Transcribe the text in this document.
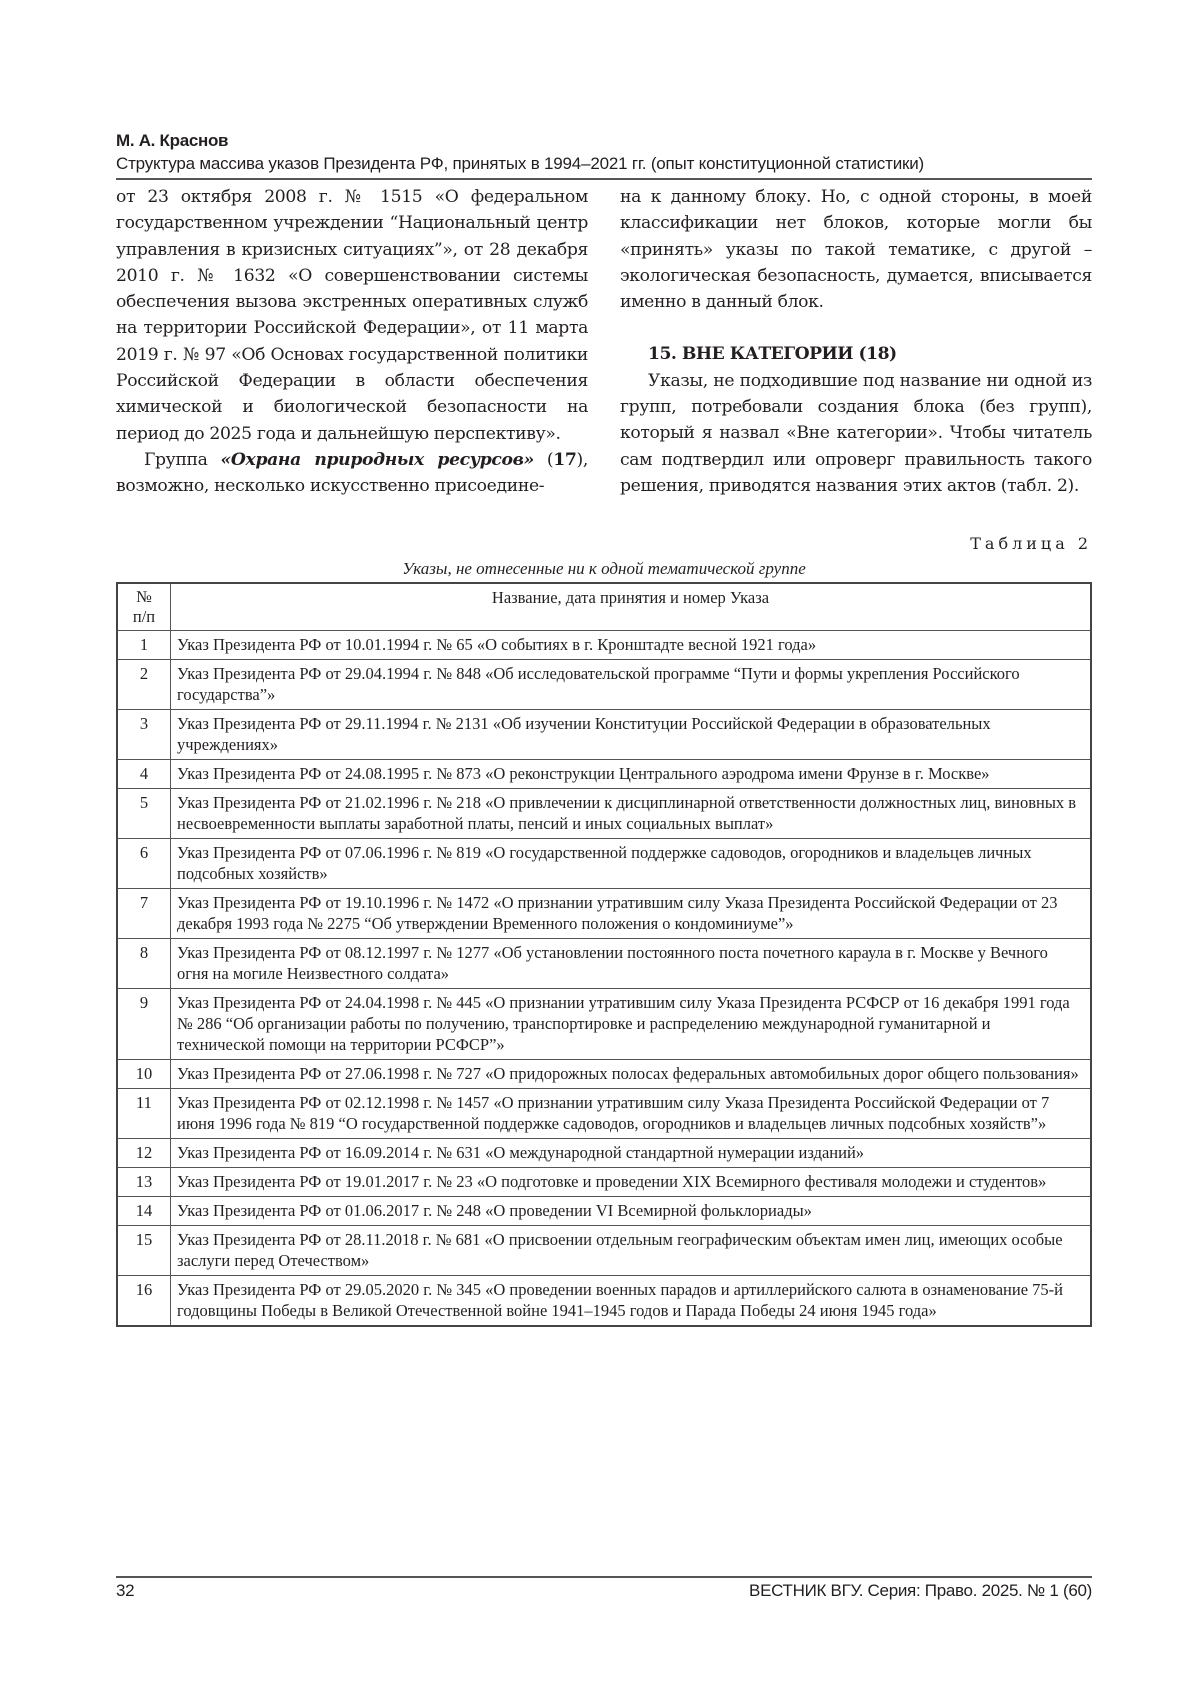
М. А. Краснов
Структура массива указов Президента РФ, принятых в 1994–2021 гг. (опыт конституционной статистики)

от 23 октября 2008 г. № 1515 «О федеральном государственном учреждении “Национальный центр управления в кризисных ситуациях”», от 28 декабря 2010 г. № 1632 «О совершенствовании системы обеспечения вызова экстренных оперативных служб на территории Российской Федерации», от 11 марта 2019 г. № 97 «Об Основах государственной политики Российской Федерации в области обеспечения химической и биологической безопасности на период до 2025 года и дальнейшую перспективу».

Группа «Охрана природных ресурсов» (17), возможно, несколько искусственно присоедине-

на к данному блоку. Но, с одной стороны, в моей классификации нет блоков, которые могли бы «принять» указы по такой тематике, с другой – экологическая безопасность, думается, вписывается именно в данный блок.

15. ВНЕ КАТЕГОРИИ (18)

Указы, не подходившие под название ни одной из групп, потребовали создания блока (без групп), который я назвал «Вне категории». Чтобы читатель сам подтвердил или опроверг правильность такого решения, приводятся названия этих актов (табл. 2).

Таблица 2
Указы, не отнесенные ни к одной тематической группе
№
п/п	Название, дата принятия и номер Указа
1	Указ Президента РФ от 10.01.1994 г. № 65 «О событиях в г. Кронштадте весной 1921 года»
2	Указ Президента РФ от 29.04.1994 г. № 848 «Об исследовательской программе “Пути и формы укрепления Российского государства”»
3	Указ Президента РФ от 29.11.1994 г. № 2131 «Об изучении Конституции Российской Федерации в образовательных учреждениях»
4	Указ Президента РФ от 24.08.1995 г. № 873 «О реконструкции Центрального аэродрома имени Фрунзе в г. Москве»
5	Указ Президента РФ от 21.02.1996 г. № 218 «О привлечении к дисциплинарной ответственности должностных лиц, виновных в несвоевременности выплаты заработной платы, пенсий и иных социальных выплат»
6	Указ Президента РФ от 07.06.1996 г. № 819 «О государственной поддержке садоводов, огородников и владельцев личных подсобных хозяйств»
7	Указ Президента РФ от 19.10.1996 г. № 1472 «О признании утратившим силу Указа Президента Российской Федерации от 23 декабря 1993 года № 2275 “Об утверждении Временного положения о кондоминиуме”»
8	Указ Президента РФ от 08.12.1997 г. № 1277 «Об установлении постоянного поста почетного караула в г. Москве у Вечного огня на могиле Неизвестного солдата»
9	Указ Президента РФ от 24.04.1998 г. № 445 «О признании утратившим силу Указа Президента РСФСР от 16 декабря 1991 года № 286 “Об организации работы по получению, транспортировке и распределению международной гуманитарной и технической помощи на территории РСФСР”»
10	Указ Президента РФ от 27.06.1998 г. № 727 «О придорожных полосах федеральных автомобильных дорог общего пользования»
11	Указ Президента РФ от 02.12.1998 г. № 1457 «О признании утратившим силу Указа Президента Российской Федерации от 7 июня 1996 года № 819 “О государственной поддержке садоводов, огородников и владельцев личных подсобных хозяйств”»
12	Указ Президента РФ от 16.09.2014 г. № 631 «О международной стандартной нумерации изданий»
13	Указ Президента РФ от 19.01.2017 г. № 23 «О подготовке и проведении XIX Всемирного фестиваля молодежи и студентов»
14	Указ Президента РФ от 01.06.2017 г. № 248 «О проведении VI Всемирной фольклориады»
15	Указ Президента РФ от 28.11.2018 г. № 681 «О присвоении отдельным географическим объектам имен лиц, имеющих особые заслуги перед Отечеством»
16	Указ Президента РФ от 29.05.2020 г. № 345 «О проведении военных парадов и артиллерийского салюта в ознаменование 75-й годовщины Победы в Великой Отечественной войне 1941–1945 годов и Парада Победы 24 июня 1945 года»
32	ВЕСТНИК ВГУ. Серия: Право. 2025. № 1 (60)
